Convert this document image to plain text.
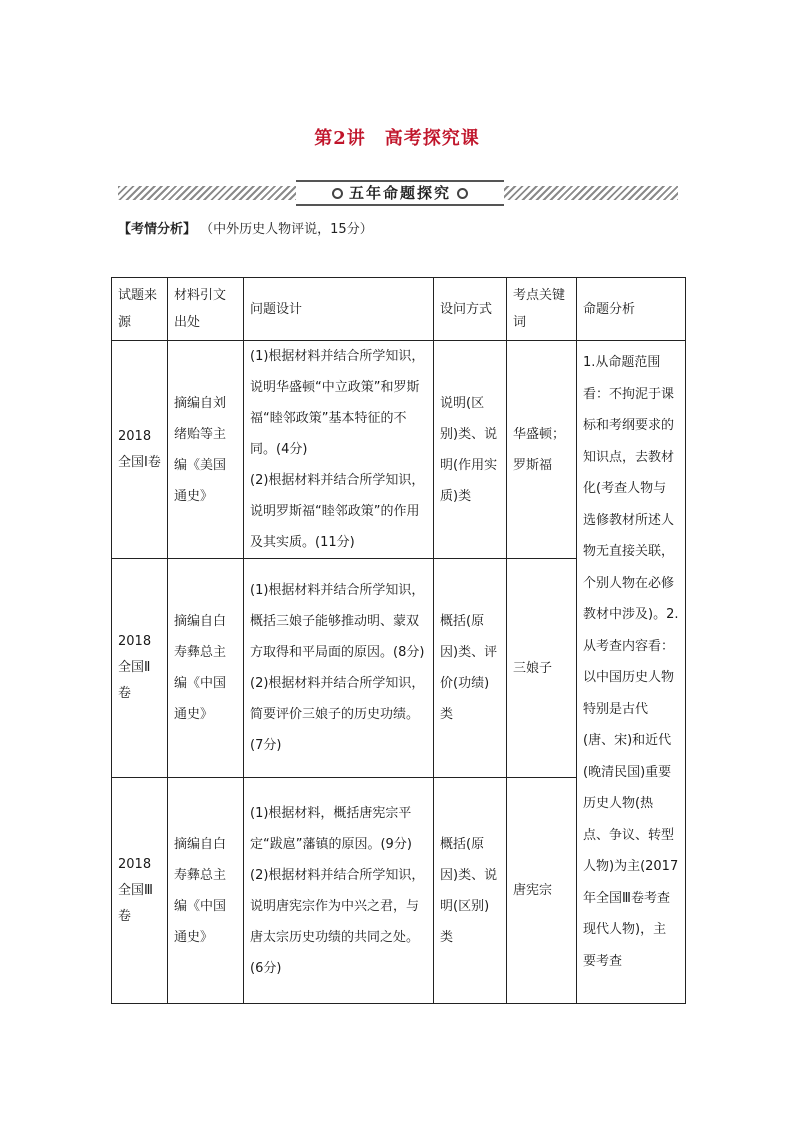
第2讲　高考探究课
五年命题探究
【考情分析】 （中外历史人物评说，15分）
试题来源	材料引文出处	问题设计	设问方式	考点关键词	命题分析
2018全国Ⅰ卷	摘编自刘绪贻等主编《美国通史》	(1)根据材料并结合所学知识，说明华盛顿“中立政策”和罗斯福“睦邻政策”基本特征的不同。(4分)
(2)根据材料并结合所学知识，说明罗斯福“睦邻政策”的作用及其实质。(11分)	说明(区别)类、说明(作用实质)类	华盛顿；罗斯福	1.从命题范围看：不拘泥于课标和考纲要求的知识点，去教材化(考查人物与选修教材所述人物无直接关联，个别人物在必修教材中涉及)。2.从考查内容看：以中国历史人物特别是古代(唐、宋)和近代(晚清民国)重要历史人物(热点、争议、转型人物)为主(2017年全国Ⅲ卷考查现代人物)，主要考查
2018全国Ⅱ卷	摘编自白寿彝总主编《中国通史》	(1)根据材料并结合所学知识，概括三娘子能够推动明、蒙双方取得和平局面的原因。(8分)
(2)根据材料并结合所学知识，简要评价三娘子的历史功绩。(7分)	概括(原因)类、评价(功绩)类	三娘子	
2018全国Ⅲ卷	摘编自白寿彝总主编《中国通史》	(1)根据材料，概括唐宪宗平定“跋扈”藩镇的原因。(9分)
(2)根据材料并结合所学知识，说明唐宪宗作为中兴之君，与唐太宗历史功绩的共同之处。(6分)	概括(原因)类、说明(区别)类	唐宪宗	
